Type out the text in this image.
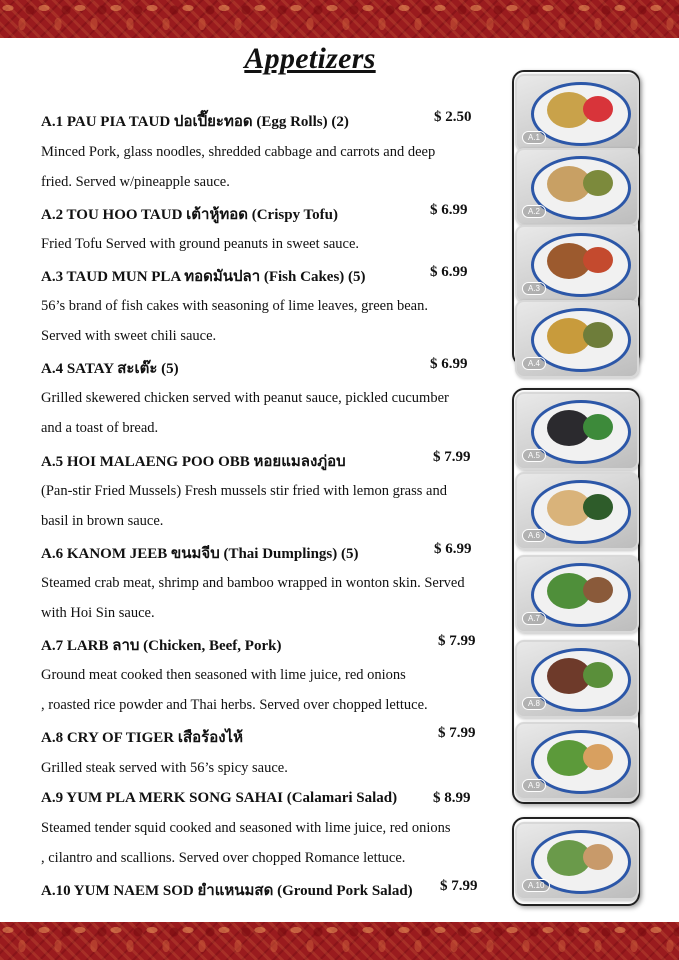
Appetizers

A.1 PAU PIA TAUD ปอเปี๊ยะทอด (Egg Rolls) (2)	$ 2.50

Minced Pork, glass noodles, shredded cabbage and carrots and deep

fried. Served w/pineapple sauce.

A.2 TOU HOO TAUD เต้าหู้ทอด (Crispy Tofu)	$ 6.99

Fried Tofu Served with ground peanuts in sweet sauce.

A.3 TAUD MUN PLA ทอดมันปลา (Fish Cakes) (5)	$ 6.99

56’s brand of fish cakes with seasoning of lime leaves, green bean.

Served with sweet chili sauce.

A.4 SATAY สะเต๊ะ (5)	$ 6.99

Grilled skewered chicken served with peanut sauce, pickled cucumber

and a toast of bread.

A.5 HOI MALAENG POO OBB หอยแมลงภู่อบ	$ 7.99

(Pan-stir Fried Mussels) Fresh mussels stir fried with lemon grass and

basil in brown sauce.

A.6 KANOM JEEB ขนมจีบ (Thai Dumplings) (5)	$ 6.99

Steamed crab meat, shrimp and bamboo wrapped in wonton skin. Served

with Hoi Sin sauce.

A.7 LARB ลาบ (Chicken, Beef, Pork)	$ 7.99

Ground meat cooked then seasoned with lime juice, red onions

, roasted rice powder and Thai herbs. Served over chopped lettuce.

A.8 CRY OF TIGER เสือร้องไห้	$ 7.99

Grilled steak served with 56’s spicy sauce.

A.9 YUM PLA MERK SONG SAHAI (Calamari Salad) $ 8.99

Steamed tender squid cooked and seasoned with lime juice, red onions

, cilantro and scallions. Served over chopped Romance lettuce.

A.10 YUM NAEM SOD ยำแหนมสด (Ground Pork Salad) $ 7.99
A.1
A.2
A.3
A.4
A.5
A.6
A.7
A.8
A.9
A.10
